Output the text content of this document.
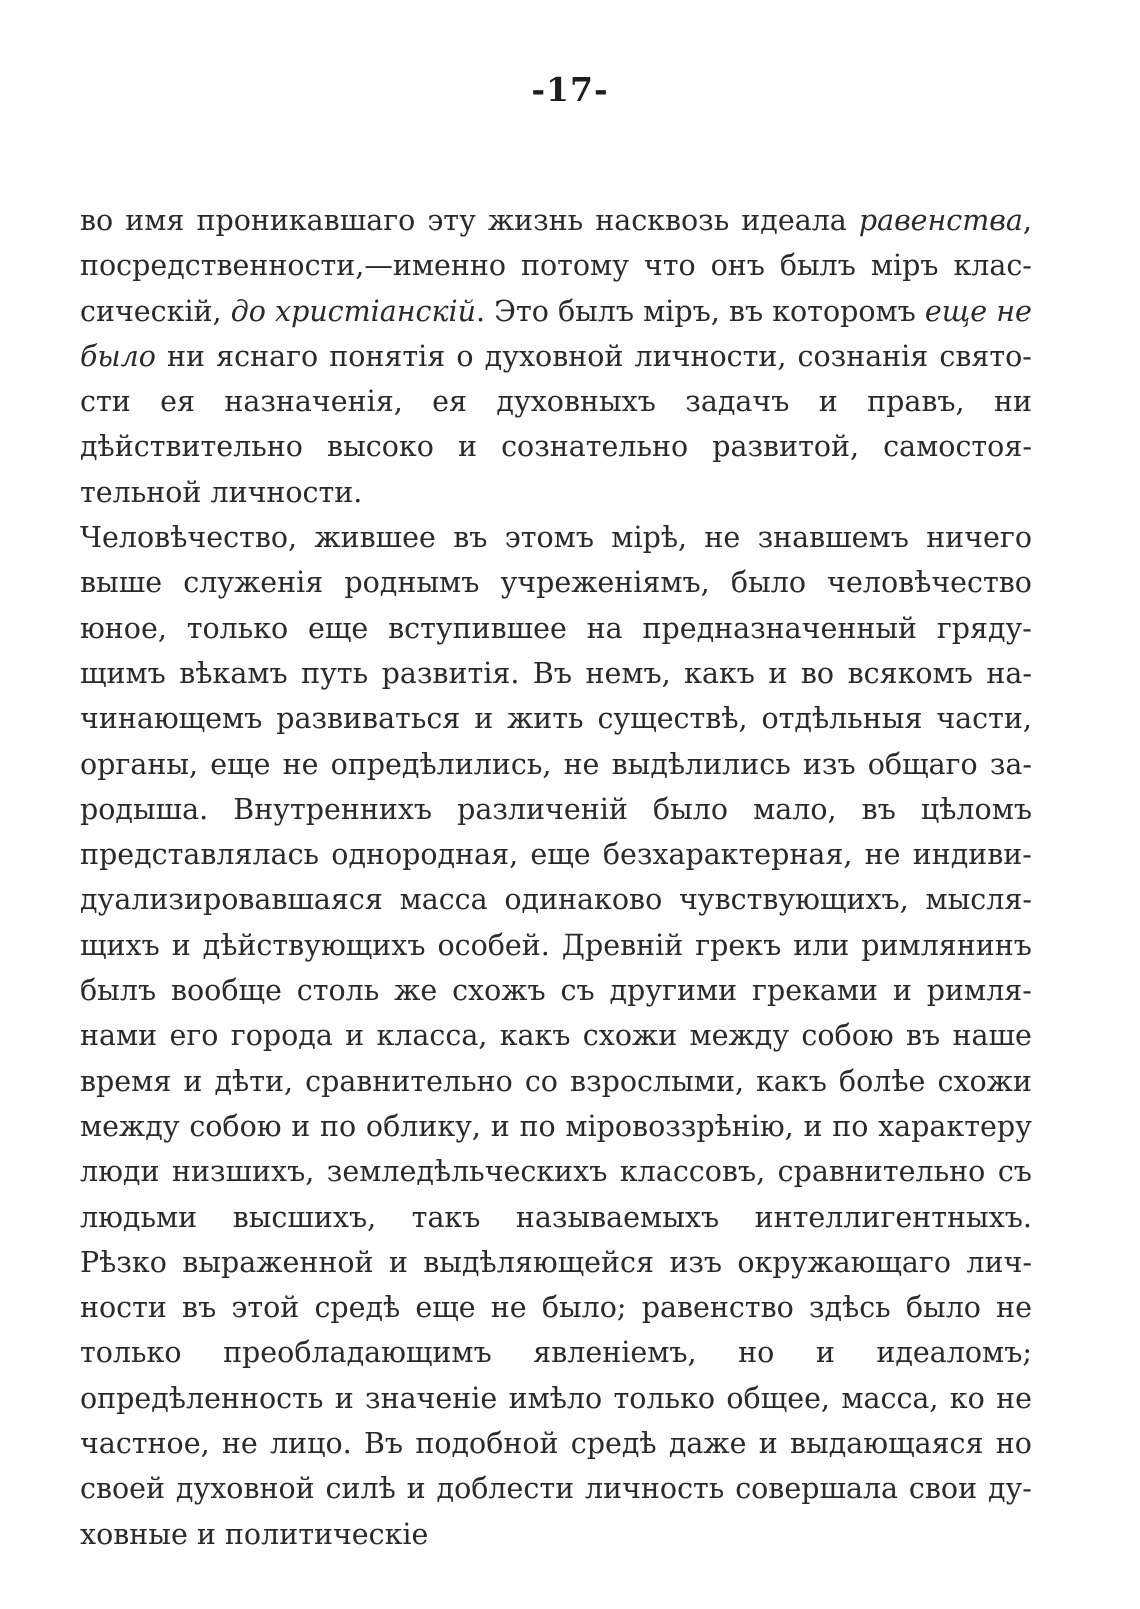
-17-
во имя проникавшаго эту жизнь насквозь идеала равенства,
посредственности,—именно потому что онъ былъ міръ клас-
сическій, до христіанскій. Это былъ міръ, въ которомъ еще не
было ни яснаго понятія о духовной личности, сознанія свято-
сти ея назначенія, ея духовныхъ задачъ и правъ, ни
дѣйствительно высоко и сознательно развитой, самостоя-
тельной личности.
Человѣчество, жившее въ этомъ мірѣ, не знавшемъ ничего
выше служенія роднымъ учреженіямъ, было человѣчество
юное, только еще вступившее на предназначенный гряду-
щимъ вѣкамъ путь развитія. Въ немъ, какъ и во всякомъ на-
чинающемъ развиваться и жить существѣ, отдѣльныя части,
органы, еще не опредѣлились, не выдѣлились изъ общаго за-
родыша. Внутреннихъ различеній было мало, въ цѣломъ
представлялась однородная, еще безхарактерная, не индиви-
дуализировавшаяся масса одинаково чувствующихъ, мысля-
щихъ и дѣйствующихъ особей. Древній грекъ или римлянинъ
былъ вообще столь же схожъ съ другими греками и римля-
нами его города и класса, какъ схожи между собою въ наше
время и дѣти, сравнительно со взрослыми, какъ болѣе схожи
между собою и по облику, и по міровоззрѣнію, и по характеру
люди низшихъ, земледѣльческихъ классовъ, сравнительно съ
людьми высшихъ, такъ называемыхъ интеллигентныхъ.
Рѣзко выраженной и выдѣляющейся изъ окружающаго лич-
ности въ этой средѣ еще не было; равенство здѣсь было не
только преобладающимъ явленіемъ, но и идеаломъ;
опредѣленность и значеніе имѣло только общее, масса, ко не
частное, не лицо. Въ подобной средѣ даже и выдающаяся но
своей духовной силѣ и доблести личность совершала свои ду-
ховные и политическіе
